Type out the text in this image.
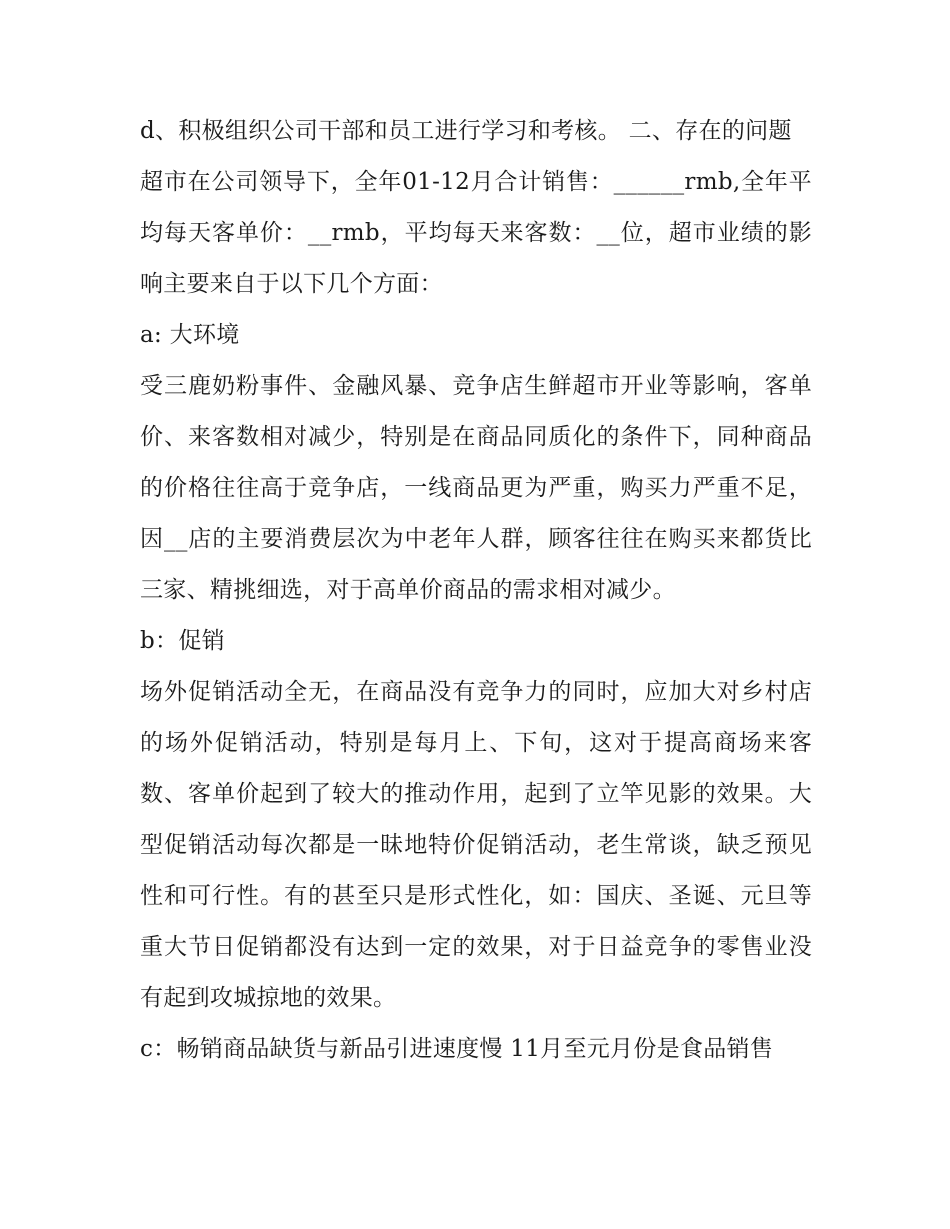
d、积极组织公司干部和员工进行学习和考核。 二、存在的问题

超市在公司领导下，全年01-12月合计销售：______rmb,全年平均每天客单价：__rmb，平均每天来客数：__位，超市业绩的影响主要来自于以下几个方面：

a: 大环境

受三鹿奶粉事件、金融风暴、竞争店生鲜超市开业等影响，客单价、来客数相对减少，特别是在商品同质化的条件下，同种商品的价格往往高于竞争店，一线商品更为严重，购买力严重不足，因__店的主要消费层次为中老年人群，顾客往往在购买来都货比三家、精挑细选，对于高单价商品的需求相对减少。

b：促销

场外促销活动全无，在商品没有竞争力的同时，应加大对乡村店的场外促销活动，特别是每月上、下旬，这对于提高商场来客数、客单价起到了较大的推动作用，起到了立竿见影的效果。大型促销活动每次都是一昧地特价促销活动，老生常谈，缺乏预见性和可行性。有的甚至只是形式性化，如：国庆、圣诞、元旦等重大节日促销都没有达到一定的效果，对于日益竞争的零售业没有起到攻城掠地的效果。

c：畅销商品缺货与新品引进速度慢 11月至元月份是食品销售
